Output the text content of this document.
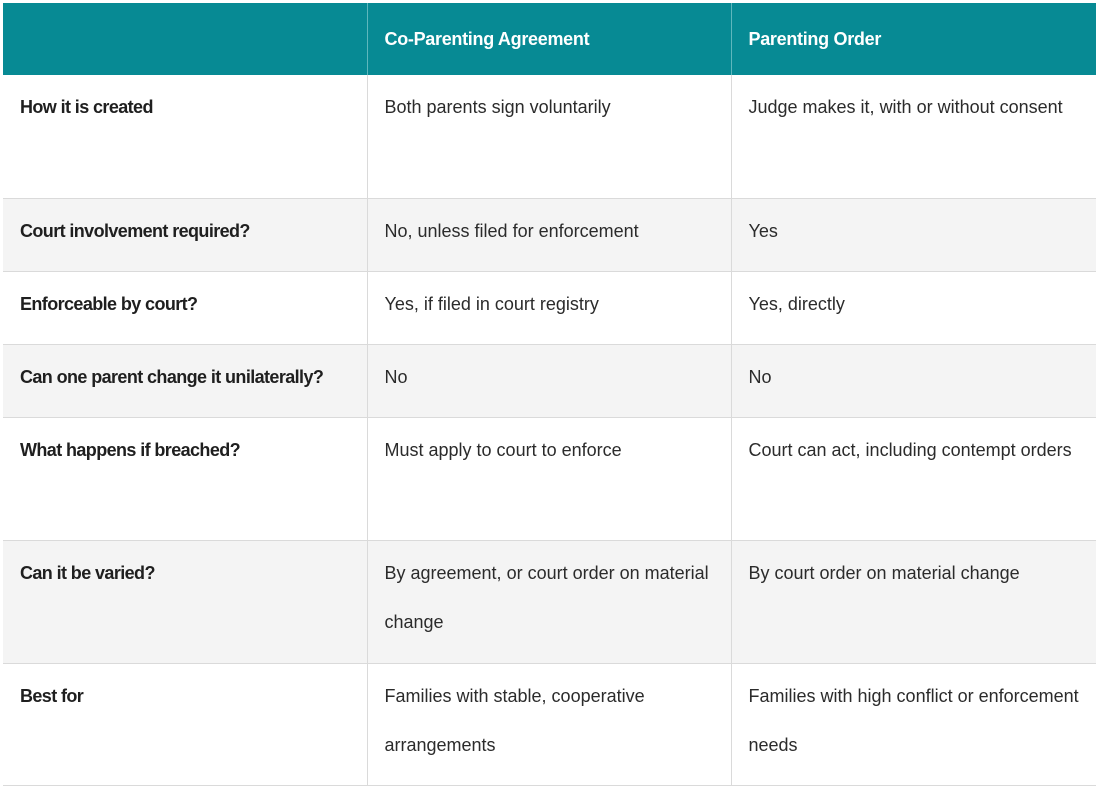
	Co-Parenting Agreement	Parenting Order
How it is created	Both parents sign voluntarily	Judge makes it, with or without consent
Court involvement required?	No, unless filed for enforcement	Yes
Enforceable by court?	Yes, if filed in court registry	Yes, directly
Can one parent change it unilaterally?	No	No
What happens if breached?	Must apply to court to enforce	Court can act, including contempt orders
Can it be varied?	By agreement, or court order on material change	By court order on material change
Best for	Families with stable, cooperative arrangements	Families with high conflict or enforcement needs
